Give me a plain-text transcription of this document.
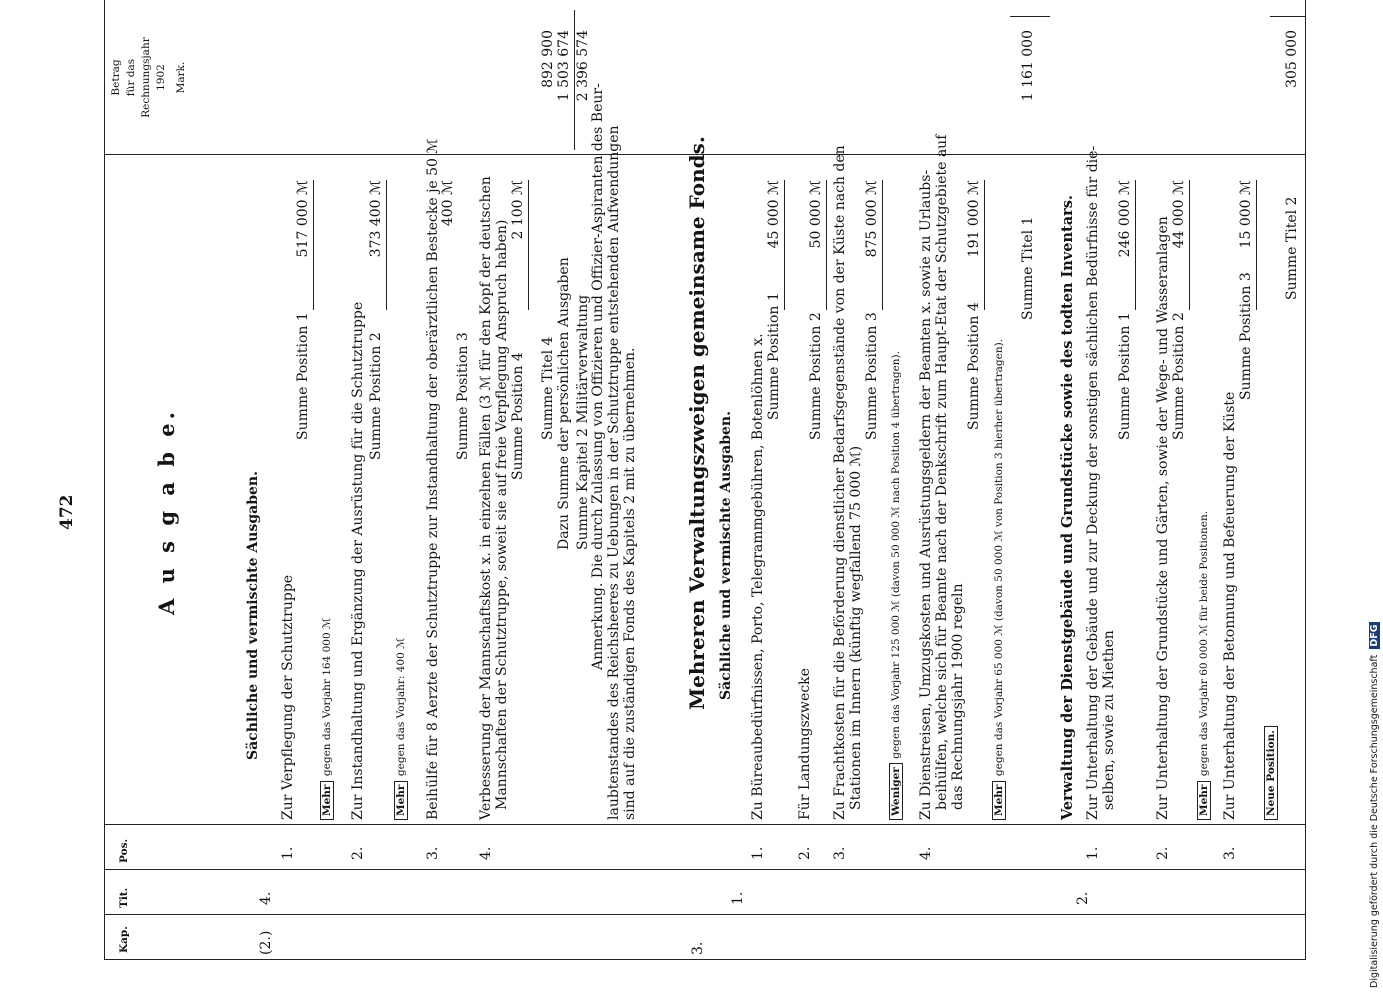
472	A u s g a b e.
Kap.
Tit.
Pos.
Betrag für das Rechnungsjahr 1902 Mark.
(2.)
4.
Sächliche und vermischte Ausgaben.
1.
Zur Verpflegung der Schutztruppe
Summe Position 1
517 000 ℳ
Mehr gegen das Vorjahr 164 000 ℳ
2.
Zur Instandhaltung und Ergänzung der Ausrüstung für die Schutztruppe Summe Position 2
373 400 ℳ
Mehr gegen das Vorjahr: 400 ℳ
3.
Beihülfe für 8 Aerzte der Schutztruppe zur Instandhaltung der oberärztlichen Bestecke je 50 ℳ 400 ℳ
Summe Position 3
4.
Verbesserung der Mannschaftskost x. in einzelnen Fällen (3 ℳ für den Kopf der deutschen Mannschaften der Schutztruppe, soweit sie auf freie Verpflegung Anspruch haben) Summe Position 4
2 100 ℳ
Summe Titel 4
892 900
Dazu Summe der persönlichen Ausgaben
1 503 674
Summe Kapitel 2 Militärverwaltung
2 396 574
Anmerkung. Die durch Zulassung von Offizieren und Offizier-Aspiranten des Beur- laubtenstandes des Reichsheeres zu Uebungen in der Schutztruppe entstehenden Aufwendungen sind auf die zuständigen Fonds des Kapitels 2 mit zu übernehmen.
3.
Mehreren Verwaltungszweigen gemeinsame Fonds.
1.
Sächliche und vermischte Ausgaben.
1.
Zu Büreaubedürfnissen, Porto, Telegrammgebühren, Botenlöhnen x. Summe Position 1
45 000 ℳ
2.
Für Landungszwecke
Summe Position 2
50 000 ℳ
3.
Zu Frachtkosten für die Beförderung dienstlicher Bedarfsgegenstände von der Küste nach den Stationen im Innern (künftig wegfallend 75 000 ℳ)
Summe Position 3
875 000 ℳ
Weniger gegen das Vorjahr 125 000 ℳ (davon 50 000 ℳ nach Position 4 übertragen).
4.
Zu Dienstreisen, Umzugskosten und Ausrüstungsgeldern der Beamten x. sowie zu Urlaubs- beihülfen, welche sich für Beamte nach der Denkschrift zum Haupt-Etat der Schutzgebiete auf das Rechnungsjahr 1900 regeln
Summe Position 4
191 000 ℳ
Mehr gegen das Vorjahr 65 000 ℳ (davon 50 000 ℳ von Position 3 hierher übertragen).
Summe Titel 1
1 161 000
2.
Verwaltung der Dienstgebäude und Grundstücke sowie des todten Inventars.
1.
Zur Unterhaltung der Gebäude und zur Deckung der sonstigen sächlichen Bedürfnisse für die- selben, sowie zu Miethen
Summe Position 1
246 000 ℳ
2.
Zur Unterhaltung der Grundstücke und Gärten, sowie der Wege- und Wasseranlagen Summe Position 2
44 000 ℳ
Mehr gegen das Vorjahr 60 000 ℳ für beide Positionen.
3.
Zur Unterhaltung der Betonnung und Befeuerung der Küste
Summe Position 3
15 000 ℳ
Neue Position.
Summe Titel 2
305 000
Digitalisierung gefördert durch die Deutsche Forschungsgemeinschaft  DFG
